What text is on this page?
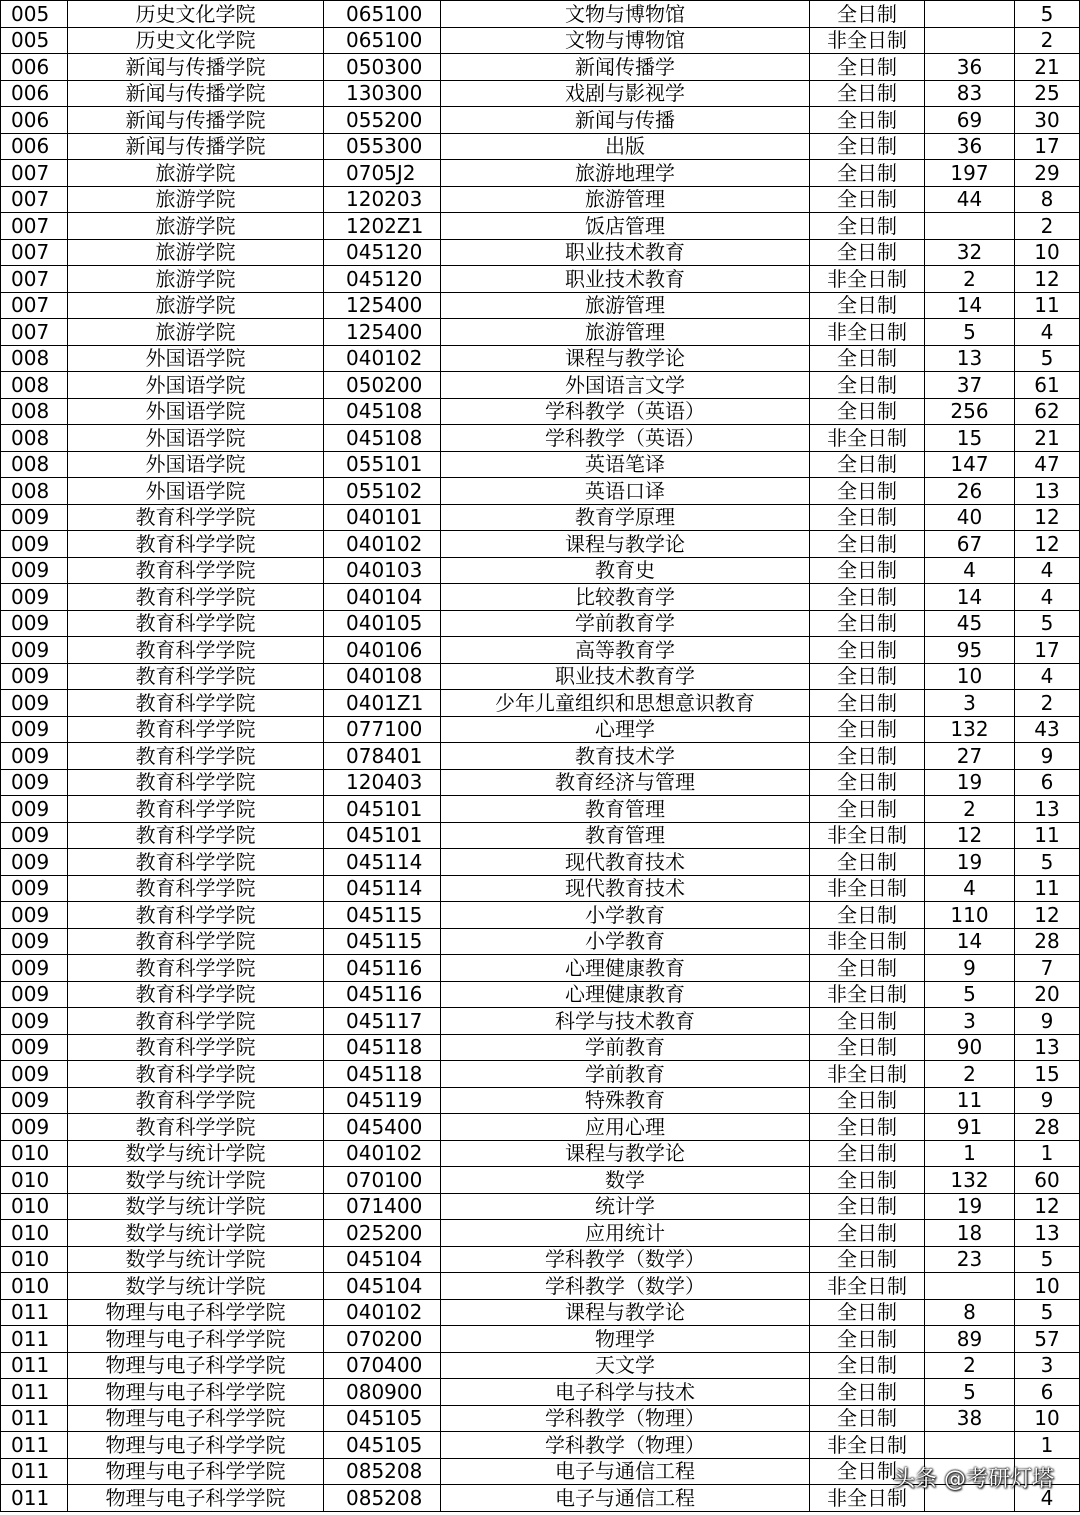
005	历史文化学院	065100	文物与博物馆	全日制		5
005	历史文化学院	065100	文物与博物馆	非全日制		2
006	新闻与传播学院	050300	新闻传播学	全日制	36	21
006	新闻与传播学院	130300	戏剧与影视学	全日制	83	25
006	新闻与传播学院	055200	新闻与传播	全日制	69	30
006	新闻与传播学院	055300	出版	全日制	36	17
007	旅游学院	0705J2	旅游地理学	全日制	197	29
007	旅游学院	120203	旅游管理	全日制	44	8
007	旅游学院	1202Z1	饭店管理	全日制		2
007	旅游学院	045120	职业技术教育	全日制	32	10
007	旅游学院	045120	职业技术教育	非全日制	2	12
007	旅游学院	125400	旅游管理	全日制	14	11
007	旅游学院	125400	旅游管理	非全日制	5	4
008	外国语学院	040102	课程与教学论	全日制	13	5
008	外国语学院	050200	外国语言文学	全日制	37	61
008	外国语学院	045108	学科教学（英语）	全日制	256	62
008	外国语学院	045108	学科教学（英语）	非全日制	15	21
008	外国语学院	055101	英语笔译	全日制	147	47
008	外国语学院	055102	英语口译	全日制	26	13
009	教育科学学院	040101	教育学原理	全日制	40	12
009	教育科学学院	040102	课程与教学论	全日制	67	12
009	教育科学学院	040103	教育史	全日制	4	4
009	教育科学学院	040104	比较教育学	全日制	14	4
009	教育科学学院	040105	学前教育学	全日制	45	5
009	教育科学学院	040106	高等教育学	全日制	95	17
009	教育科学学院	040108	职业技术教育学	全日制	10	4
009	教育科学学院	0401Z1	少年儿童组织和思想意识教育	全日制	3	2
009	教育科学学院	077100	心理学	全日制	132	43
009	教育科学学院	078401	教育技术学	全日制	27	9
009	教育科学学院	120403	教育经济与管理	全日制	19	6
009	教育科学学院	045101	教育管理	全日制	2	13
009	教育科学学院	045101	教育管理	非全日制	12	11
009	教育科学学院	045114	现代教育技术	全日制	19	5
009	教育科学学院	045114	现代教育技术	非全日制	4	11
009	教育科学学院	045115	小学教育	全日制	110	12
009	教育科学学院	045115	小学教育	非全日制	14	28
009	教育科学学院	045116	心理健康教育	全日制	9	7
009	教育科学学院	045116	心理健康教育	非全日制	5	20
009	教育科学学院	045117	科学与技术教育	全日制	3	9
009	教育科学学院	045118	学前教育	全日制	90	13
009	教育科学学院	045118	学前教育	非全日制	2	15
009	教育科学学院	045119	特殊教育	全日制	11	9
009	教育科学学院	045400	应用心理	全日制	91	28
010	数学与统计学院	040102	课程与教学论	全日制	1	1
010	数学与统计学院	070100	数学	全日制	132	60
010	数学与统计学院	071400	统计学	全日制	19	12
010	数学与统计学院	025200	应用统计	全日制	18	13
010	数学与统计学院	045104	学科教学（数学）	全日制	23	5
010	数学与统计学院	045104	学科教学（数学）	非全日制		10
011	物理与电子科学学院	040102	课程与教学论	全日制	8	5
011	物理与电子科学学院	070200	物理学	全日制	89	57
011	物理与电子科学学院	070400	天文学	全日制	2	3
011	物理与电子科学学院	080900	电子科学与技术	全日制	5	6
011	物理与电子科学学院	045105	学科教学（物理）	全日制	38	10
011	物理与电子科学学院	045105	学科教学（物理）	非全日制		1
011	物理与电子科学学院	085208	电子与通信工程	全日制		
011	物理与电子科学学院	085208	电子与通信工程	非全日制		4
头条 @考研灯塔
